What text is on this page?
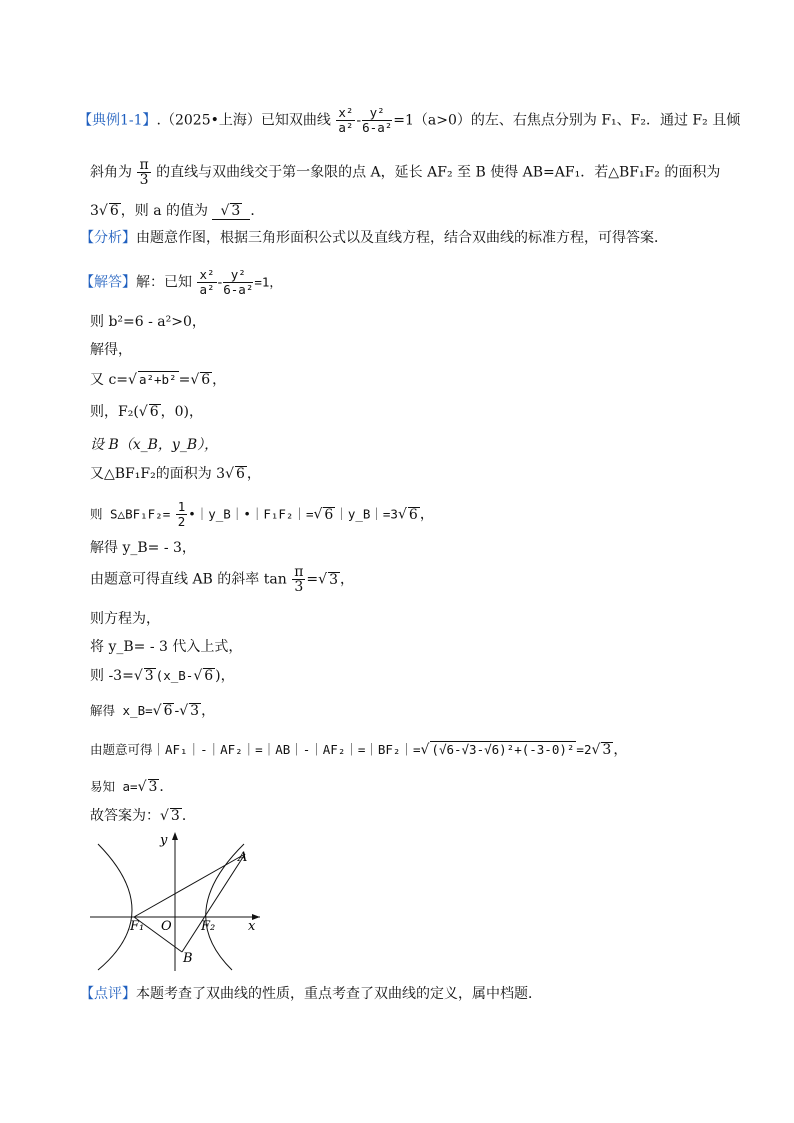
【典例1-1】.（2025•上海）已知双曲线 $\frac{\text{x²}}{\text{a²}} - \frac{\text{y²}}{\text{6-a²}} =1(a>0)$的左、右焦点分别为 F₁、F₂．通过 F₂ 且倾
斜角为 $\frac{\pi}{3}$ 的直线与双曲线交于第一象限的点 A，延长 AF₂ 至 B 使得 AB=AF₁．若△BF₁F₂ 的面积为
3√ 6 ，则 a 的值为 √ 3 ．
【分析】由题意作图，根据三角形面积公式以及直线方程，结合双曲线的标准方程，可得答案．
【解答】解：已知 $\frac{\text{x²}}{\text{a²}} - \frac{\text{y²}}{\text{6-a²}} =1$，
则 b²=6 - a²>0，
解得，
又 c=√ a²+b² =√ 6 ，
则，F₂(√ 6 ，0)，
设 B（x_B，y_B），
又△BF₁F₂的面积为 3√ 6 ，
则 S△BF₁F₂= $\frac{1}{2}$ •｜y_B｜•｜F₁F₂｜=√ 6 ｜y_B｜=3√ 6 ，
解得 y_B= - 3，
由题意可得直线 AB 的斜率 $\tan \frac{\pi}{3}$ =√ 3 ，
则方程为，
将 y_B= - 3 代入上式，
则 -3=√ 3 (x_B-√ 6 )，
解得 x_B=√ 6 -√ 3 ，
由题意可得｜AF₁｜-｜AF₂｜=｜AB｜-｜AF₂｜=｜BF₂｜=√ (√6-√3-√6)²+(-3-0)² =2√ 3 ，
易知 a=√ 3 ．
故答案为：√ 3 ．
y
x
A
B
O
F₁	F₂
【点评】本题考查了双曲线的性质，重点考查了双曲线的定义，属中档题．
